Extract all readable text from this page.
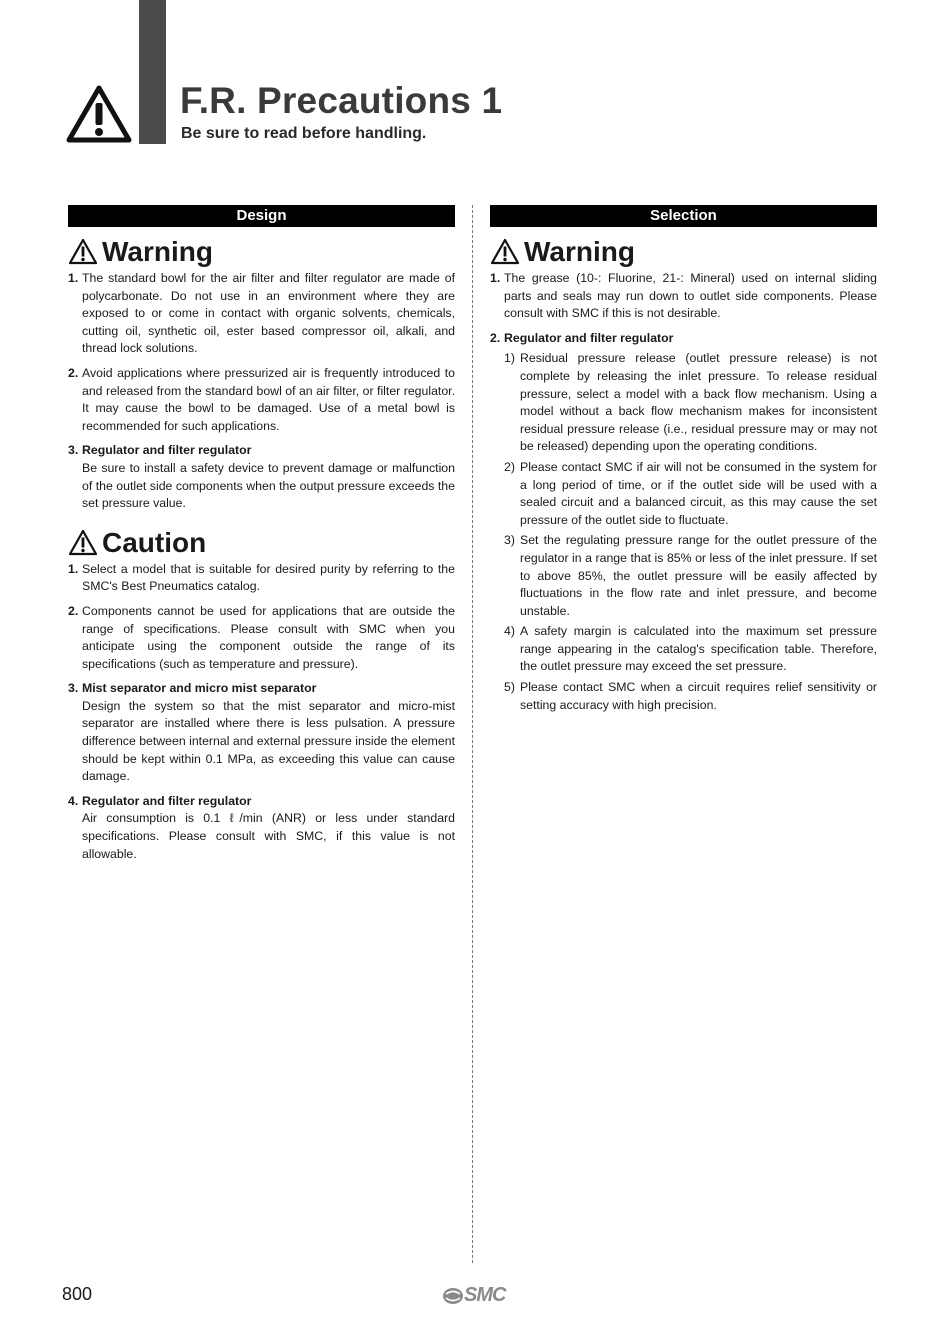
F.R. Precautions 1
Be sure to read before handling.
Design
Warning
1. The standard bowl for the air filter and filter regulator are made of polycarbonate. Do not use in an environment where they are exposed to or come in contact with organic solvents, chemicals, cutting oil, synthetic oil, ester based compressor oil, alkali, and thread lock solutions.
2. Avoid applications where pressurized air is frequently introduced to and released from the standard bowl of an air filter, or filter regulator. It may cause the bowl to be damaged. Use of a metal bowl is recommended for such applications.
3. Regulator and filter regulator
Be sure to install a safety device to prevent damage or malfunction of the outlet side components when the output pressure exceeds the set pressure value.
Caution
1. Select a model that is suitable for desired purity by referring to the SMC's Best Pneumatics catalog.
2. Components cannot be used for applications that are outside the range of specifications. Please consult with SMC when you anticipate using the component outside the range of its specifications (such as temperature and pressure).
3. Mist separator and micro mist separator
Design the system so that the mist separator and micro-mist separator are installed where there is less pulsation. A pressure difference between internal and external pressure inside the element should be kept within 0.1 MPa, as exceeding this value can cause damage.
4. Regulator and filter regulator
Air consumption is 0.1 ℓ/min (ANR) or less under standard specifications. Please consult with SMC, if this value is not allowable.
Selection
Warning
1. The grease (10-: Fluorine, 21-: Mineral) used on internal sliding parts and seals may run down to outlet side components. Please consult with SMC if this is not desirable.
2. Regulator and filter regulator
1) Residual pressure release (outlet pressure release) is not complete by releasing the inlet pressure. To release residual pressure, select a model with a back flow mechanism. Using a model without a back flow mechanism makes for inconsistent residual pressure release (i.e., residual pressure may or may not be released) depending upon the operating conditions.
2) Please contact SMC if air will not be consumed in the system for a long period of time, or if the outlet side will be used with a sealed circuit and a balanced circuit, as this may cause the set pressure of the outlet side to fluctuate.
3) Set the regulating pressure range for the outlet pressure of the regulator in a range that is 85% or less of the inlet pressure. If set to above 85%, the outlet pressure will be easily affected by fluctuations in the flow rate and inlet pressure, and become unstable.
4) A safety margin is calculated into the maximum set pressure range appearing in the catalog's specification table. Therefore, the outlet pressure may exceed the set pressure.
5) Please contact SMC when a circuit requires relief sensitivity or setting accuracy with high precision.
800	SMC
